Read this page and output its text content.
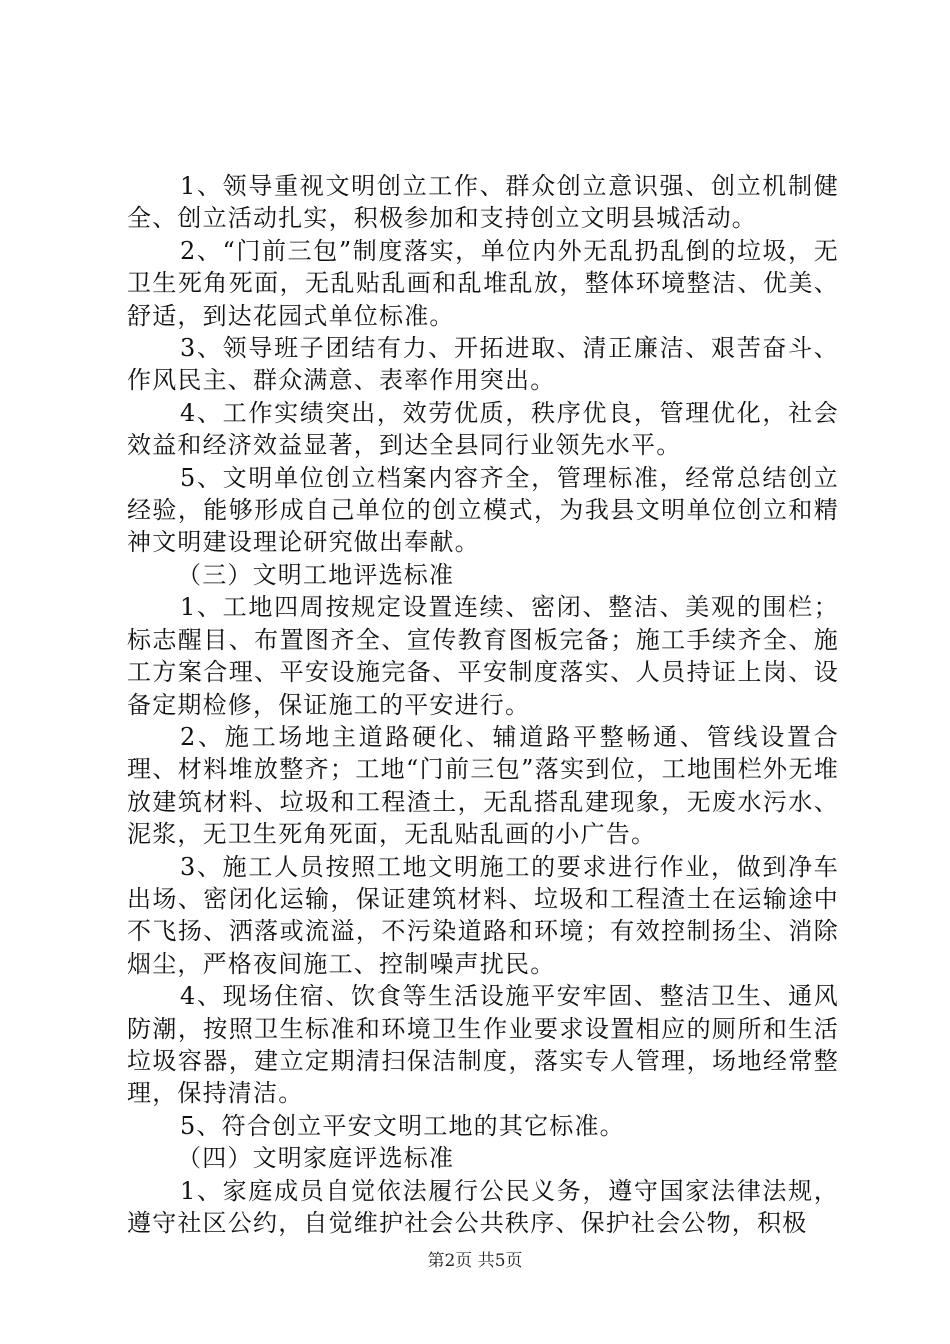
1、领导重视文明创立工作、群众创立意识强、创立机制健全、创立活动扎实，积极参加和支持创立文明县城活动。

2、“门前三包”制度落实，单位内外无乱扔乱倒的垃圾，无卫生死角死面，无乱贴乱画和乱堆乱放，整体环境整洁、优美、舒适，到达花园式单位标准。

3、领导班子团结有力、开拓进取、清正廉洁、艰苦奋斗、作风民主、群众满意、表率作用突出。

4、工作实绩突出，效劳优质，秩序优良，管理优化，社会效益和经济效益显著，到达全县同行业领先水平。

5、文明单位创立档案内容齐全，管理标准，经常总结创立经验，能够形成自己单位的创立模式，为我县文明单位创立和精神文明建设理论研究做出奉献。

（三）文明工地评选标准

1、工地四周按规定设置连续、密闭、整洁、美观的围栏；标志醒目、布置图齐全、宣传教育图板完备；施工手续齐全、施工方案合理、平安设施完备、平安制度落实、人员持证上岗、设备定期检修，保证施工的平安进行。

2、施工场地主道路硬化、辅道路平整畅通、管线设置合理、材料堆放整齐；工地“门前三包”落实到位，工地围栏外无堆放建筑材料、垃圾和工程渣土，无乱搭乱建现象，无废水污水、泥浆，无卫生死角死面，无乱贴乱画的小广告。

3、施工人员按照工地文明施工的要求进行作业，做到净车出场、密闭化运输，保证建筑材料、垃圾和工程渣土在运输途中不飞扬、洒落或流溢，不污染道路和环境；有效控制扬尘、消除烟尘，严格夜间施工、控制噪声扰民。

4、现场住宿、饮食等生活设施平安牢固、整洁卫生、通风防潮，按照卫生标准和环境卫生作业要求设置相应的厕所和生活垃圾容器，建立定期清扫保洁制度，落实专人管理，场地经常整理，保持清洁。

5、符合创立平安文明工地的其它标准。

（四）文明家庭评选标准

1、家庭成员自觉依法履行公民义务，遵守国家法律法规，遵守社区公约，自觉维护社会公共秩序、保护社会公物，积极

第2页 共5页
